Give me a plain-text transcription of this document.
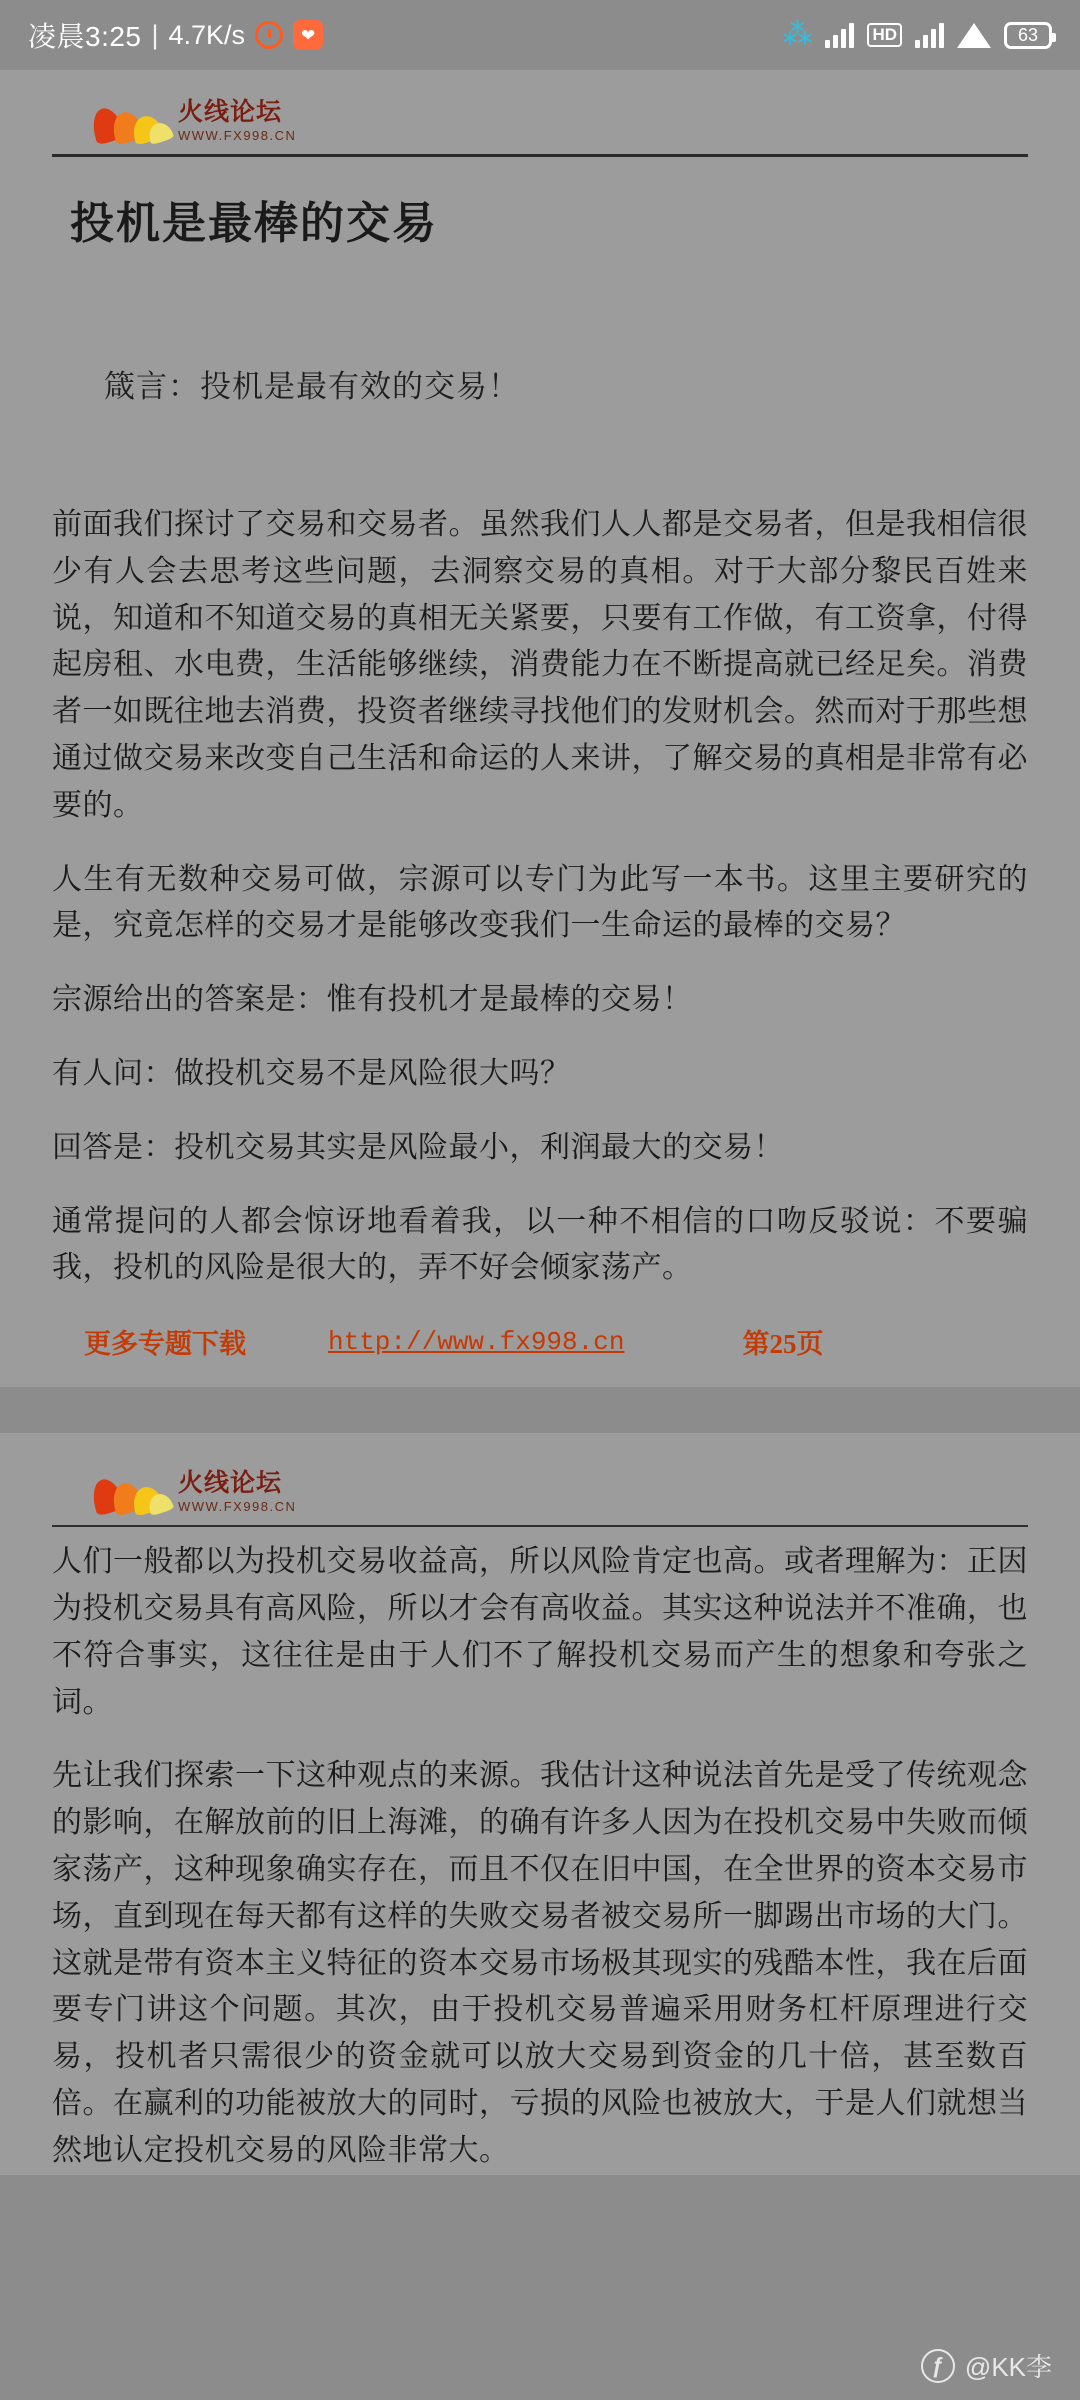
凌晨3:25 | 4.7K/s	❤	⁂	HD	63
火线论坛
WWW.FX998.CN
投机是最棒的交易
箴言：投机是最有效的交易！

前面我们探讨了交易和交易者。虽然我们人人都是交易者，但是我相信很少有人会去思考这些问题，去洞察交易的真相。对于大部分黎民百姓来说，知道和不知道交易的真相无关紧要，只要有工作做，有工资拿，付得起房租、水电费，生活能够继续，消费能力在不断提高就已经足矣。消费者一如既往地去消费，投资者继续寻找他们的发财机会。然而对于那些想通过做交易来改变自己生活和命运的人来讲，了解交易的真相是非常有必要的。

人生有无数种交易可做，宗源可以专门为此写一本书。这里主要研究的是，究竟怎样的交易才是能够改变我们一生命运的最棒的交易？

宗源给出的答案是：惟有投机才是最棒的交易！

有人问：做投机交易不是风险很大吗？

回答是：投机交易其实是风险最小，利润最大的交易！

通常提问的人都会惊讶地看着我，以一种不相信的口吻反驳说：不要骗我，投机的风险是很大的，弄不好会倾家荡产。

更多专题下载	http://www.fx998.cn	第25页
火线论坛
WWW.FX998.CN

人们一般都以为投机交易收益高，所以风险肯定也高。或者理解为：正因为投机交易具有高风险，所以才会有高收益。其实这种说法并不准确，也不符合事实，这往往是由于人们不了解投机交易而产生的想象和夸张之词。

先让我们探索一下这种观点的来源。我估计这种说法首先是受了传统观念的影响，在解放前的旧上海滩，的确有许多人因为在投机交易中失败而倾家荡产，这种现象确实存在，而且不仅在旧中国，在全世界的资本交易市场，直到现在每天都有这样的失败交易者被交易所一脚踢出市场的大门。这就是带有资本主义特征的资本交易市场极其现实的残酷本性，我在后面要专门讲这个问题。其次，由于投机交易普遍采用财务杠杆原理进行交易，投机者只需很少的资金就可以放大交易到资金的几十倍，甚至数百倍。在赢利的功能被放大的同时，亏损的风险也被放大，于是人们就想当然地认定投机交易的风险非常大。

ƒ @KK李
